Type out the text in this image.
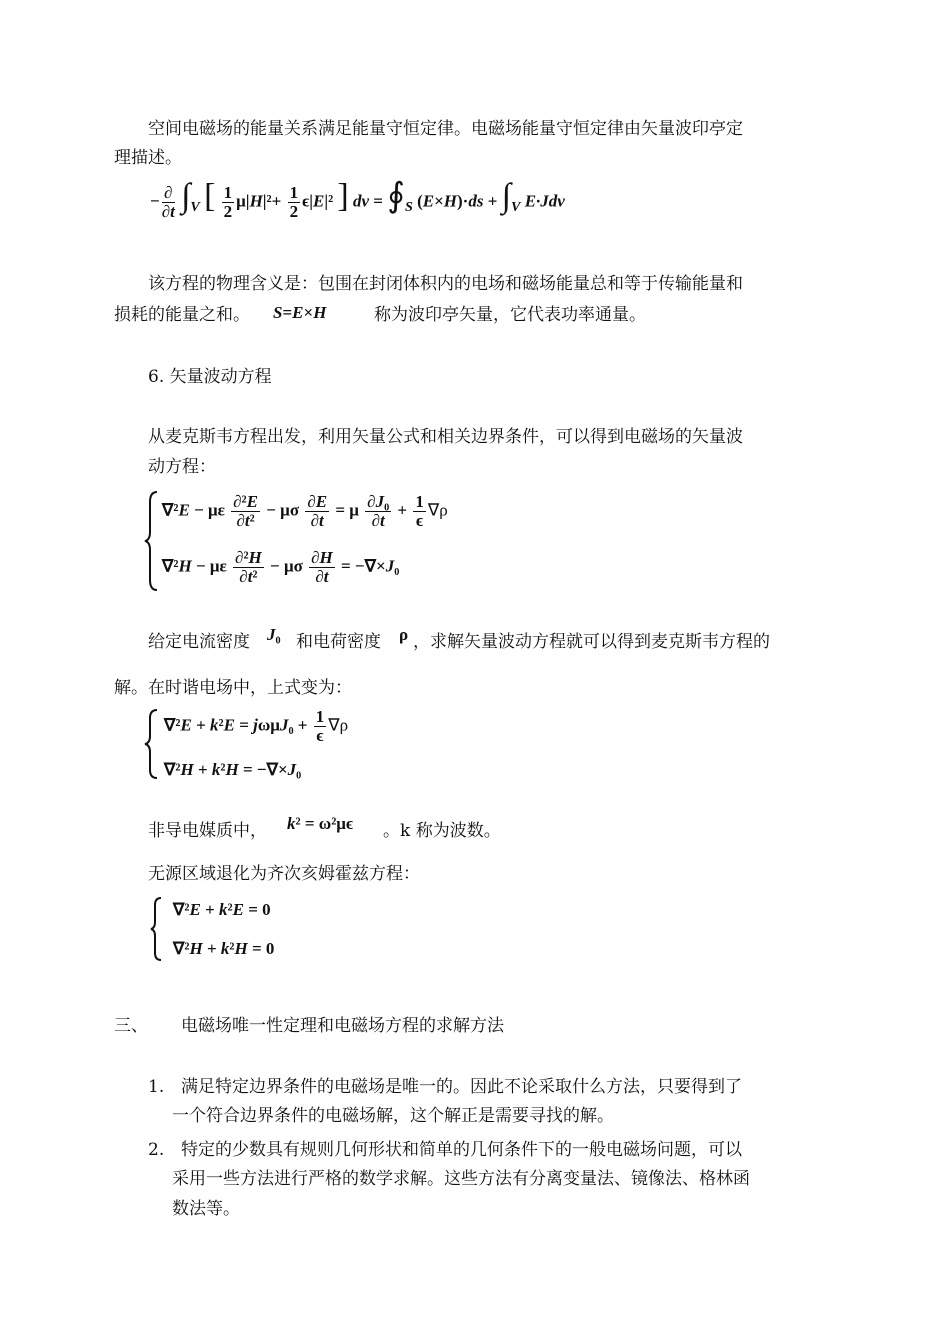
空间电磁场的能量关系满足能量守恒定律。电磁场能量守恒定律由矢量波印亭定
理描述。
− $\frac{\partial}{\partial t} \int_V$ [ $\frac{1}{2} \mu|H|^2+ \frac{1}{2} \epsilon|E|^2$ ] dv = $∮_S$ $(E\times H)\cdot ds + \int_V$ E·Jdv
该方程的物理含义是：包围在封闭体积内的电场和磁场能量总和等于传输能量和
损耗的能量之和。 S=E×H	称为波印亭矢量，它代表功率通量。
6. 矢量波动方程
从麦克斯韦方程出发，利用矢量公式和相关边界条件，可以得到电磁场的矢量波
动方程：
∇²E − με $\frac{\text{∂²E}}{\text{∂t²}} - \mu\sigma \frac{\partial E}{\partial t} = \mu \frac{\text{∂J₀}}{\partial t} + \frac{1}{\epsilon} \nabla\rho$
∇²H − με $\frac{\text{∂²H}}{\text{∂t²}} - \mu\sigma \frac{\partial H}{\partial t} = -\nabla\times J_0$
给定电流密度 J₀ 和电荷密度 ρ ，求解矢量波动方程就可以得到麦克斯韦方程的
解。在时谐电场中，上式变为：
$\nabla^2E + k^2E = j\omega\mu J_0 + \frac{1}{\epsilon} \nabla\rho$
∇²H + k²H = −∇×J₀
非导电媒质中， k² = ω²μϵ 。k 称为波数。
无源区域退化为齐次亥姆霍兹方程：
∇²E + k²E = 0
∇²H + k²H = 0
三、 电磁场唯一性定理和电磁场方程的求解方法
1. 满足特定边界条件的电磁场是唯一的。因此不论采取什么方法，只要得到了
一个符合边界条件的电磁场解，这个解正是需要寻找的解。
2. 特定的少数具有规则几何形状和简单的几何条件下的一般电磁场问题，可以
采用一些方法进行严格的数学求解。这些方法有分离变量法、镜像法、格林函
数法等。
